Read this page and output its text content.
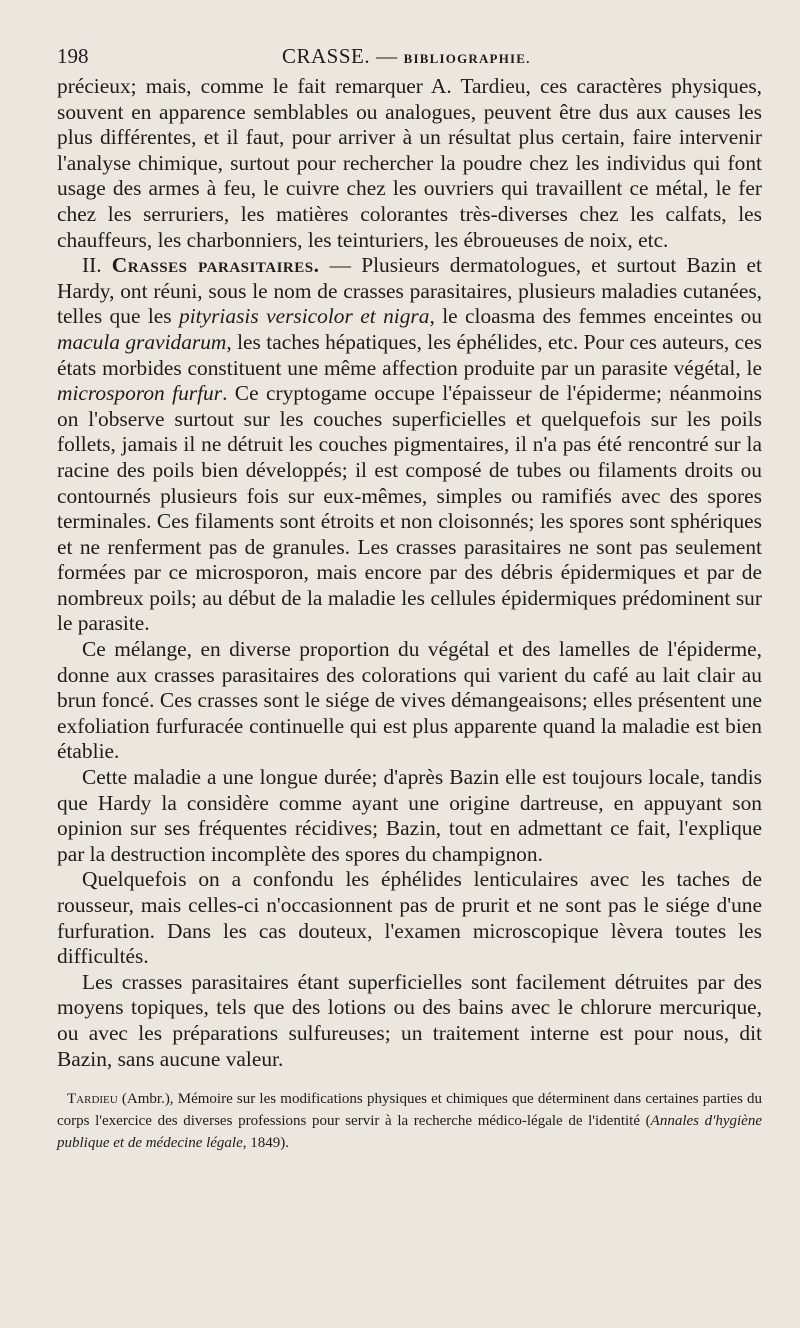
198	CRASSE. — BIBLIOGRAPHIE.

précieux; mais, comme le fait remarquer A. Tardieu, ces caractères physiques, souvent en apparence semblables ou analogues, peuvent être dus aux causes les plus différentes, et il faut, pour arriver à un résultat plus certain, faire intervenir l'analyse chimique, surtout pour rechercher la poudre chez les individus qui font usage des armes à feu, le cuivre chez les ouvriers qui travaillent ce métal, le fer chez les serruriers, les matières colorantes très-diverses chez les calfats, les chauffeurs, les charbonniers, les teinturiers, les ébroueuses de noix, etc.

II. Crasses parasitaires. — Plusieurs dermatologues, et surtout Bazin et Hardy, ont réuni, sous le nom de crasses parasitaires, plusieurs maladies cutanées, telles que les pityriasis versicolor et nigra, le cloasma des femmes enceintes ou macula gravidarum, les taches hépatiques, les éphélides, etc. Pour ces auteurs, ces états morbides constituent une même affection produite par un parasite végétal, le microsporon furfur. Ce cryptogame occupe l'épaisseur de l'épiderme; néanmoins on l'observe surtout sur les couches superficielles et quelquefois sur les poils follets, jamais il ne détruit les couches pigmentaires, il n'a pas été rencontré sur la racine des poils bien développés; il est composé de tubes ou filaments droits ou contournés plusieurs fois sur eux-mêmes, simples ou ramifiés avec des spores terminales. Ces filaments sont étroits et non cloisonnés; les spores sont sphériques et ne renferment pas de granules. Les crasses parasitaires ne sont pas seulement formées par ce microsporon, mais encore par des débris épidermiques et par de nombreux poils; au début de la maladie les cellules épidermiques prédominent sur le parasite.

Ce mélange, en diverse proportion du végétal et des lamelles de l'épiderme, donne aux crasses parasitaires des colorations qui varient du café au lait clair au brun foncé. Ces crasses sont le siége de vives démangeaisons; elles présentent une exfoliation furfuracée continuelle qui est plus apparente quand la maladie est bien établie.

Cette maladie a une longue durée; d'après Bazin elle est toujours locale, tandis que Hardy la considère comme ayant une origine dartreuse, en appuyant son opinion sur ses fréquentes récidives; Bazin, tout en admettant ce fait, l'explique par la destruction incomplète des spores du champignon.

Quelquefois on a confondu les éphélides lenticulaires avec les taches de rousseur, mais celles-ci n'occasionnent pas de prurit et ne sont pas le siége d'une furfuration. Dans les cas douteux, l'examen microscopique lèvera toutes les difficultés.

Les crasses parasitaires étant superficielles sont facilement détruites par des moyens topiques, tels que des lotions ou des bains avec le chlorure mercurique, ou avec les préparations sulfureuses; un traitement interne est pour nous, dit Bazin, sans aucune valeur.

Tardieu (Ambr.), Mémoire sur les modifications physiques et chimiques que déterminent dans certaines parties du corps l'exercice des diverses professions pour servir à la recherche médico-légale de l'identité (Annales d'hygiène publique et de médecine légale, 1849).
